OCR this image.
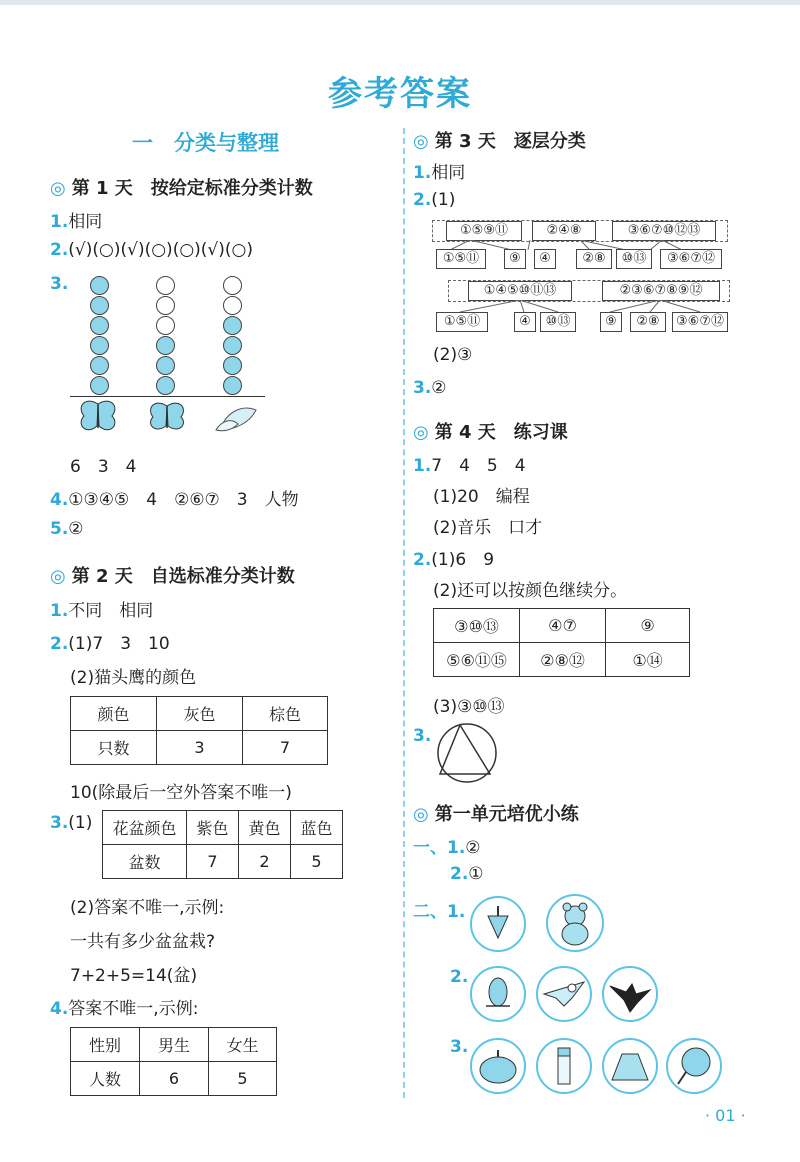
参考答案
一　分类与整理
◎ 第 1 天　按给定标准分类计数
1.相同
2.(√)(○)(√)(○)(○)(√)(○)
3.
6　3　4
4.①③④⑤　4　②⑥⑦　3　人物
5.②
◎ 第 2 天　自选标准分类计数
1.不同　相同
2.(1)7　3　10
(2)猫头鹰的颜色
颜色	灰色	棕色
只数	3	7
10(除最后一空外答案不唯一)
3.(1) 花盆颜色	紫色	黄色	蓝色
盆数	7	2	5
(2)答案不唯一,示例:
一共有多少盆盆栽?
7+2+5=14(盆)
4.答案不唯一,示例:
性别	男生	女生
人数	6	5
◎ 第 3 天　逐层分类
1.相同
2.(1)
①⑤⑨⑪	②④⑧	③⑥⑦⑩⑫⑬
①⑤⑪	⑨	④	②⑧	⑩⑬	③⑥⑦⑫
①④⑤⑩⑪⑬	②③⑥⑦⑧⑨⑫
①⑤⑪	④	⑩⑬	⑨	②⑧	③⑥⑦⑫
(2)③
3.②
◎ 第 4 天　练习课
1.7　4　5　4
(1)20　编程
(2)音乐　口才
2.(1)6　9
(2)还可以按颜色继续分。
③⑩⑬	④⑦	⑨
⑤⑥⑪⑮	②⑧⑫	①⑭
(3)③⑩⑬
3.
◎ 第一单元培优小练
一、1.②
2.①
二、1.
2.
3.
· 01 ·
